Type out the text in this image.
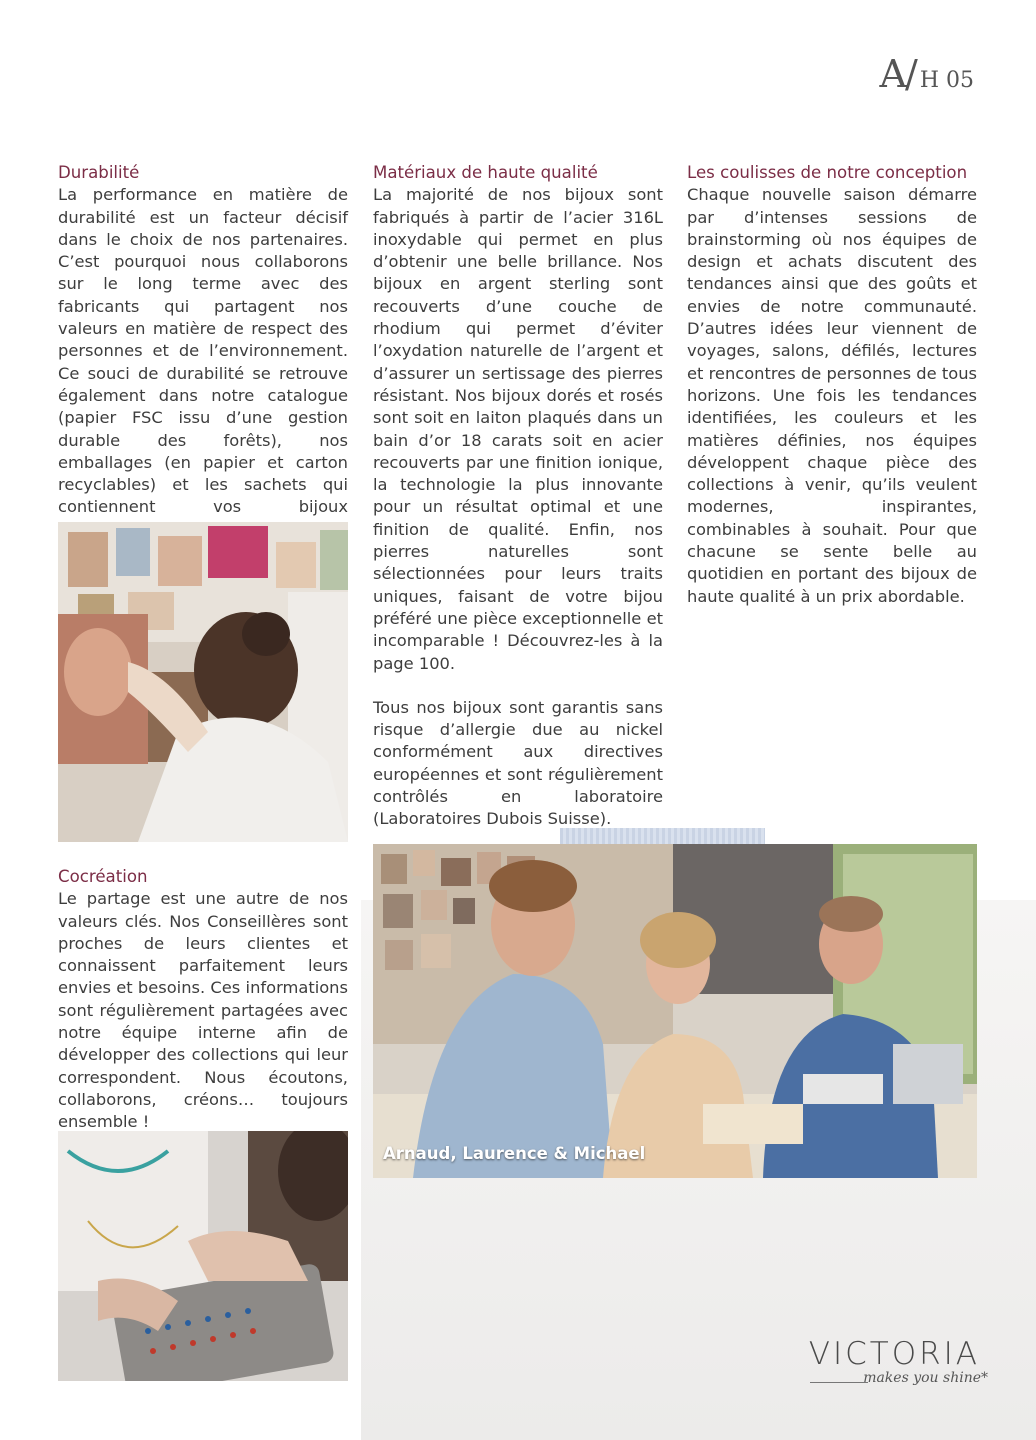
A/H 05
Durabilité

La performance en matière de durabilité est un facteur décisif dans le choix de nos partenaires. C’est pourquoi nous collaborons sur le long terme avec des fabricants qui partagent nos valeurs en matière de respect des personnes et de l’environnement. Ce souci de durabilité se retrouve également dans notre catalogue (papier FSC issu d’une gestion durable des forêts), nos emballages (en papier et carton recyclables) et les sachets qui contiennent vos bijoux

Cocréation

Le partage est une autre de nos valeurs clés. Nos Conseillères sont proches de leurs clientes et connaissent parfaitement leurs envies et besoins. Ces informations sont régulièrement partagées avec notre équipe interne afin de développer des collections qui leur correspondent. Nous écoutons, collaborons, créons… toujours ensemble !

Matériaux de haute qualité

La majorité de nos bijoux sont fabriqués à partir de l’acier 316L inoxydable qui permet en plus d’obtenir une belle brillance. Nos bijoux en argent sterling sont recouverts d’une couche de rhodium qui permet d’éviter l’oxydation naturelle de l’argent et d’assurer un sertissage des pierres résistant. Nos bijoux dorés et rosés sont soit en laiton plaqués dans un bain d’or 18 carats soit en acier recouverts par une finition ionique, la technologie la plus innovante pour un résultat optimal et une finition de qualité. Enfin, nos pierres naturelles sont sélectionnées pour leurs traits uniques, faisant de votre bijou préféré une pièce exceptionnelle et incomparable ! Découvrez-les à la page 100.

Tous nos bijoux sont garantis sans risque d’allergie due au nickel conformément aux directives européennes et sont régulièrement contrôlés en laboratoire (Laboratoires Dubois Suisse).

Les coulisses de notre conception

Chaque nouvelle saison démarre par d’intenses sessions de brainstorming où nos équipes de design et achats discutent des tendances ainsi que des goûts et envies de notre communauté. D’autres idées leur viennent de voyages, salons, défilés, lectures et rencontres de personnes de tous horizons. Une fois les tendances identifiées, les couleurs et les matières définies, nos équipes développent chaque pièce des collections à venir, qu’ils veulent modernes, inspirantes, combinables à souhait. Pour que chacune se sente belle au quotidien en portant des bijoux de haute qualité à un prix abordable.

Arnaud, Laurence & Michael
VICTORIA
makes you shine*
